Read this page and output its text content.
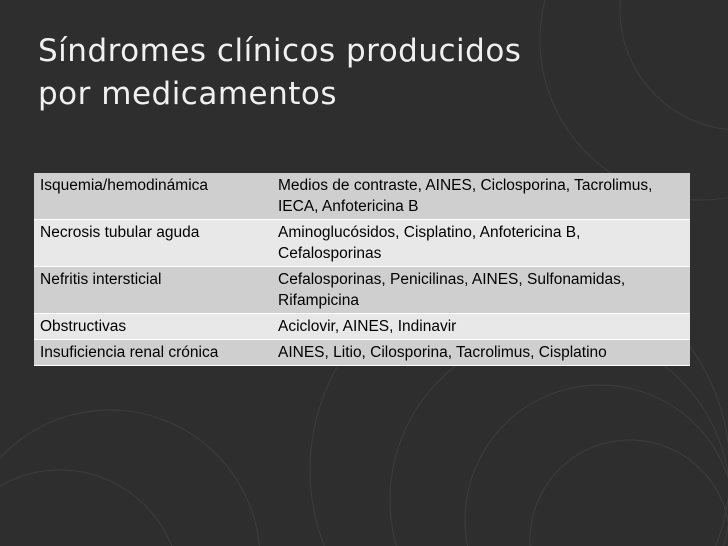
Síndromes clínicos producidos
por medicamentos
Isquemia/hemodinámica	Medios de contraste, AINES, Ciclosporina, Tacrolimus, IECA, Anfotericina B
Necrosis tubular aguda	Aminoglucósidos, Cisplatino, Anfotericina B, Cefalosporinas
Nefritis intersticial	Cefalosporinas, Penicilinas, AINES, Sulfonamidas, Rifampicina
Obstructivas	Aciclovir, AINES, Indinavir
Insuficiencia renal crónica	AINES, Litio, Cilosporina, Tacrolimus, Cisplatino
